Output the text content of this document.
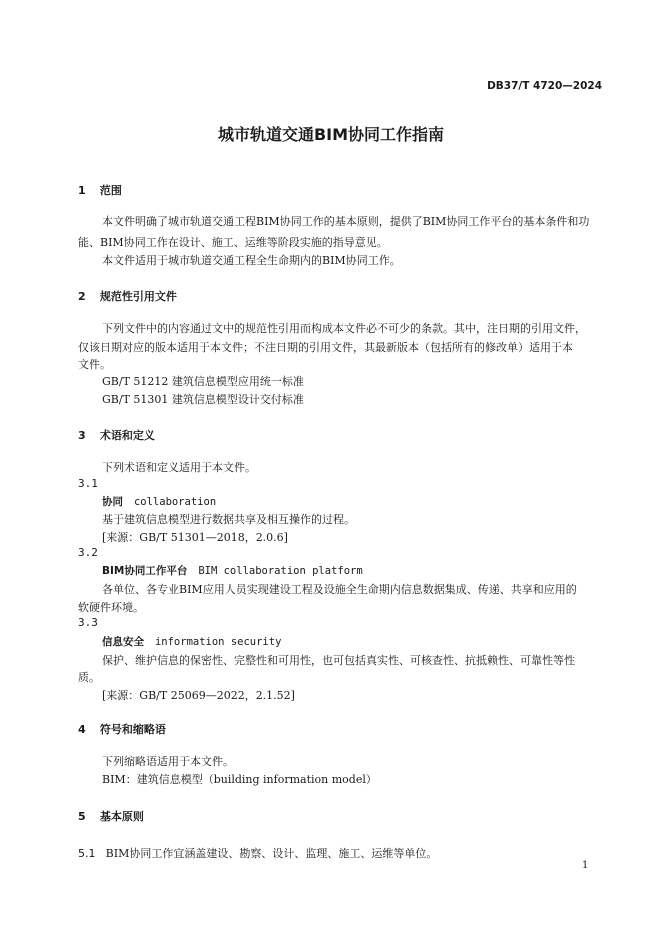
DB37/T 4720—2024
城市轨道交通BIM协同工作指南
1 范围
本文件明确了城市轨道交通工程BIM协同工作的基本原则，提供了BIM协同工作平台的基本条件和功
能、BIM协同工作在设计、施工、运维等阶段实施的指导意见。
本文件适用于城市轨道交通工程全生命期内的BIM协同工作。
2 规范性引用文件
下列文件中的内容通过文中的规范性引用而构成本文件必不可少的条款。其中，注日期的引用文件，
仅该日期对应的版本适用于本文件；不注日期的引用文件，其最新版本（包括所有的修改单）适用于本
文件。
GB/T 51212 建筑信息模型应用统一标准
GB/T 51301 建筑信息模型设计交付标准
3 术语和定义
下列术语和定义适用于本文件。
3.1
协同 collaboration
基于建筑信息模型进行数据共享及相互操作的过程。
[来源：GB/T 51301—2018，2.0.6]
3.2
BIM协同工作平台 BIM collaboration platform
各单位、各专业BIM应用人员实现建设工程及设施全生命期内信息数据集成、传递、共享和应用的
软硬件环境。
3.3
信息安全 information security
保护、维护信息的保密性、完整性和可用性，也可包括真实性、可核查性、抗抵赖性、可靠性等性
质。
[来源：GB/T 25069—2022，2.1.52]
4 符号和缩略语
下列缩略语适用于本文件。
BIM：建筑信息模型（building information model）
5 基本原则
5.1 BIM协同工作宜涵盖建设、勘察、设计、监理、施工、运维等单位。
1
